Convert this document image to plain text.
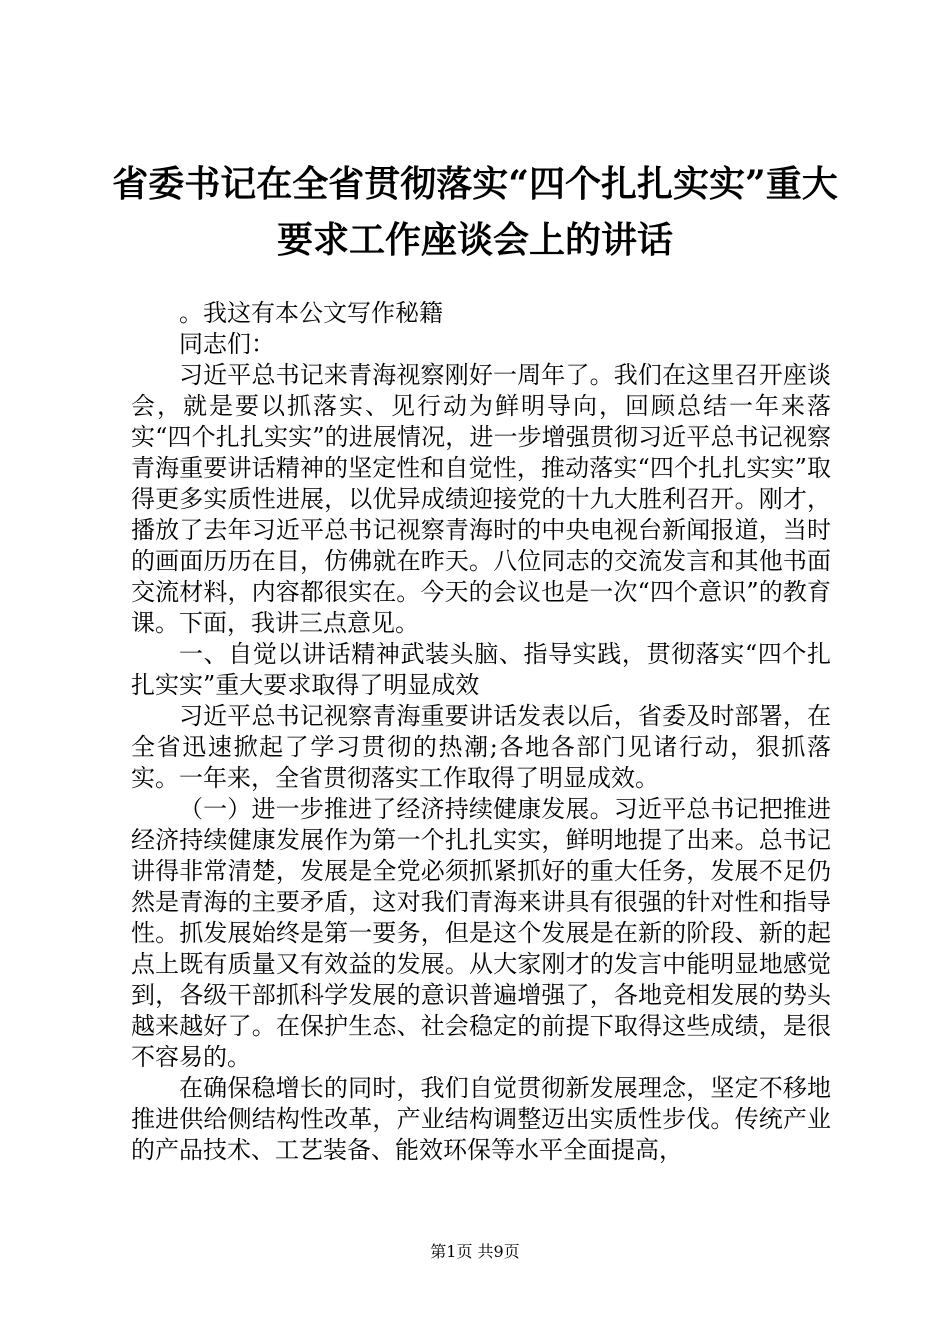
省委书记在全省贯彻落实“四个扎扎实实”重大要求工作座谈会上的讲话

。我这有本公文写作秘籍

同志们：

习近平总书记来青海视察刚好一周年了。我们在这里召开座谈会，就是要以抓落实、见行动为鲜明导向，回顾总结一年来落实“四个扎扎实实”的进展情况，进一步增强贯彻习近平总书记视察青海重要讲话精神的坚定性和自觉性，推动落实“四个扎扎实实”取得更多实质性进展，以优异成绩迎接党的十九大胜利召开。刚才，播放了去年习近平总书记视察青海时的中央电视台新闻报道，当时的画面历历在目，仿佛就在昨天。八位同志的交流发言和其他书面交流材料，内容都很实在。今天的会议也是一次“四个意识”的教育课。下面，我讲三点意见。

一、自觉以讲话精神武装头脑、指导实践，贯彻落实“四个扎扎实实”重大要求取得了明显成效

习近平总书记视察青海重要讲话发表以后，省委及时部署，在全省迅速掀起了学习贯彻的热潮;各地各部门见诸行动，狠抓落实。一年来，全省贯彻落实工作取得了明显成效。

（一）进一步推进了经济持续健康发展。习近平总书记把推进经济持续健康发展作为第一个扎扎实实，鲜明地提了出来。总书记讲得非常清楚，发展是全党必须抓紧抓好的重大任务，发展不足仍然是青海的主要矛盾，这对我们青海来讲具有很强的针对性和指导性。抓发展始终是第一要务，但是这个发展是在新的阶段、新的起点上既有质量又有效益的发展。从大家刚才的发言中能明显地感觉到，各级干部抓科学发展的意识普遍增强了，各地竞相发展的势头越来越好了。在保护生态、社会稳定的前提下取得这些成绩，是很不容易的。

在确保稳增长的同时，我们自觉贯彻新发展理念，坚定不移地推进供给侧结构性改革，产业结构调整迈出实质性步伐。传统产业的产品技术、工艺装备、能效环保等水平全面提高，

第1页 共9页
